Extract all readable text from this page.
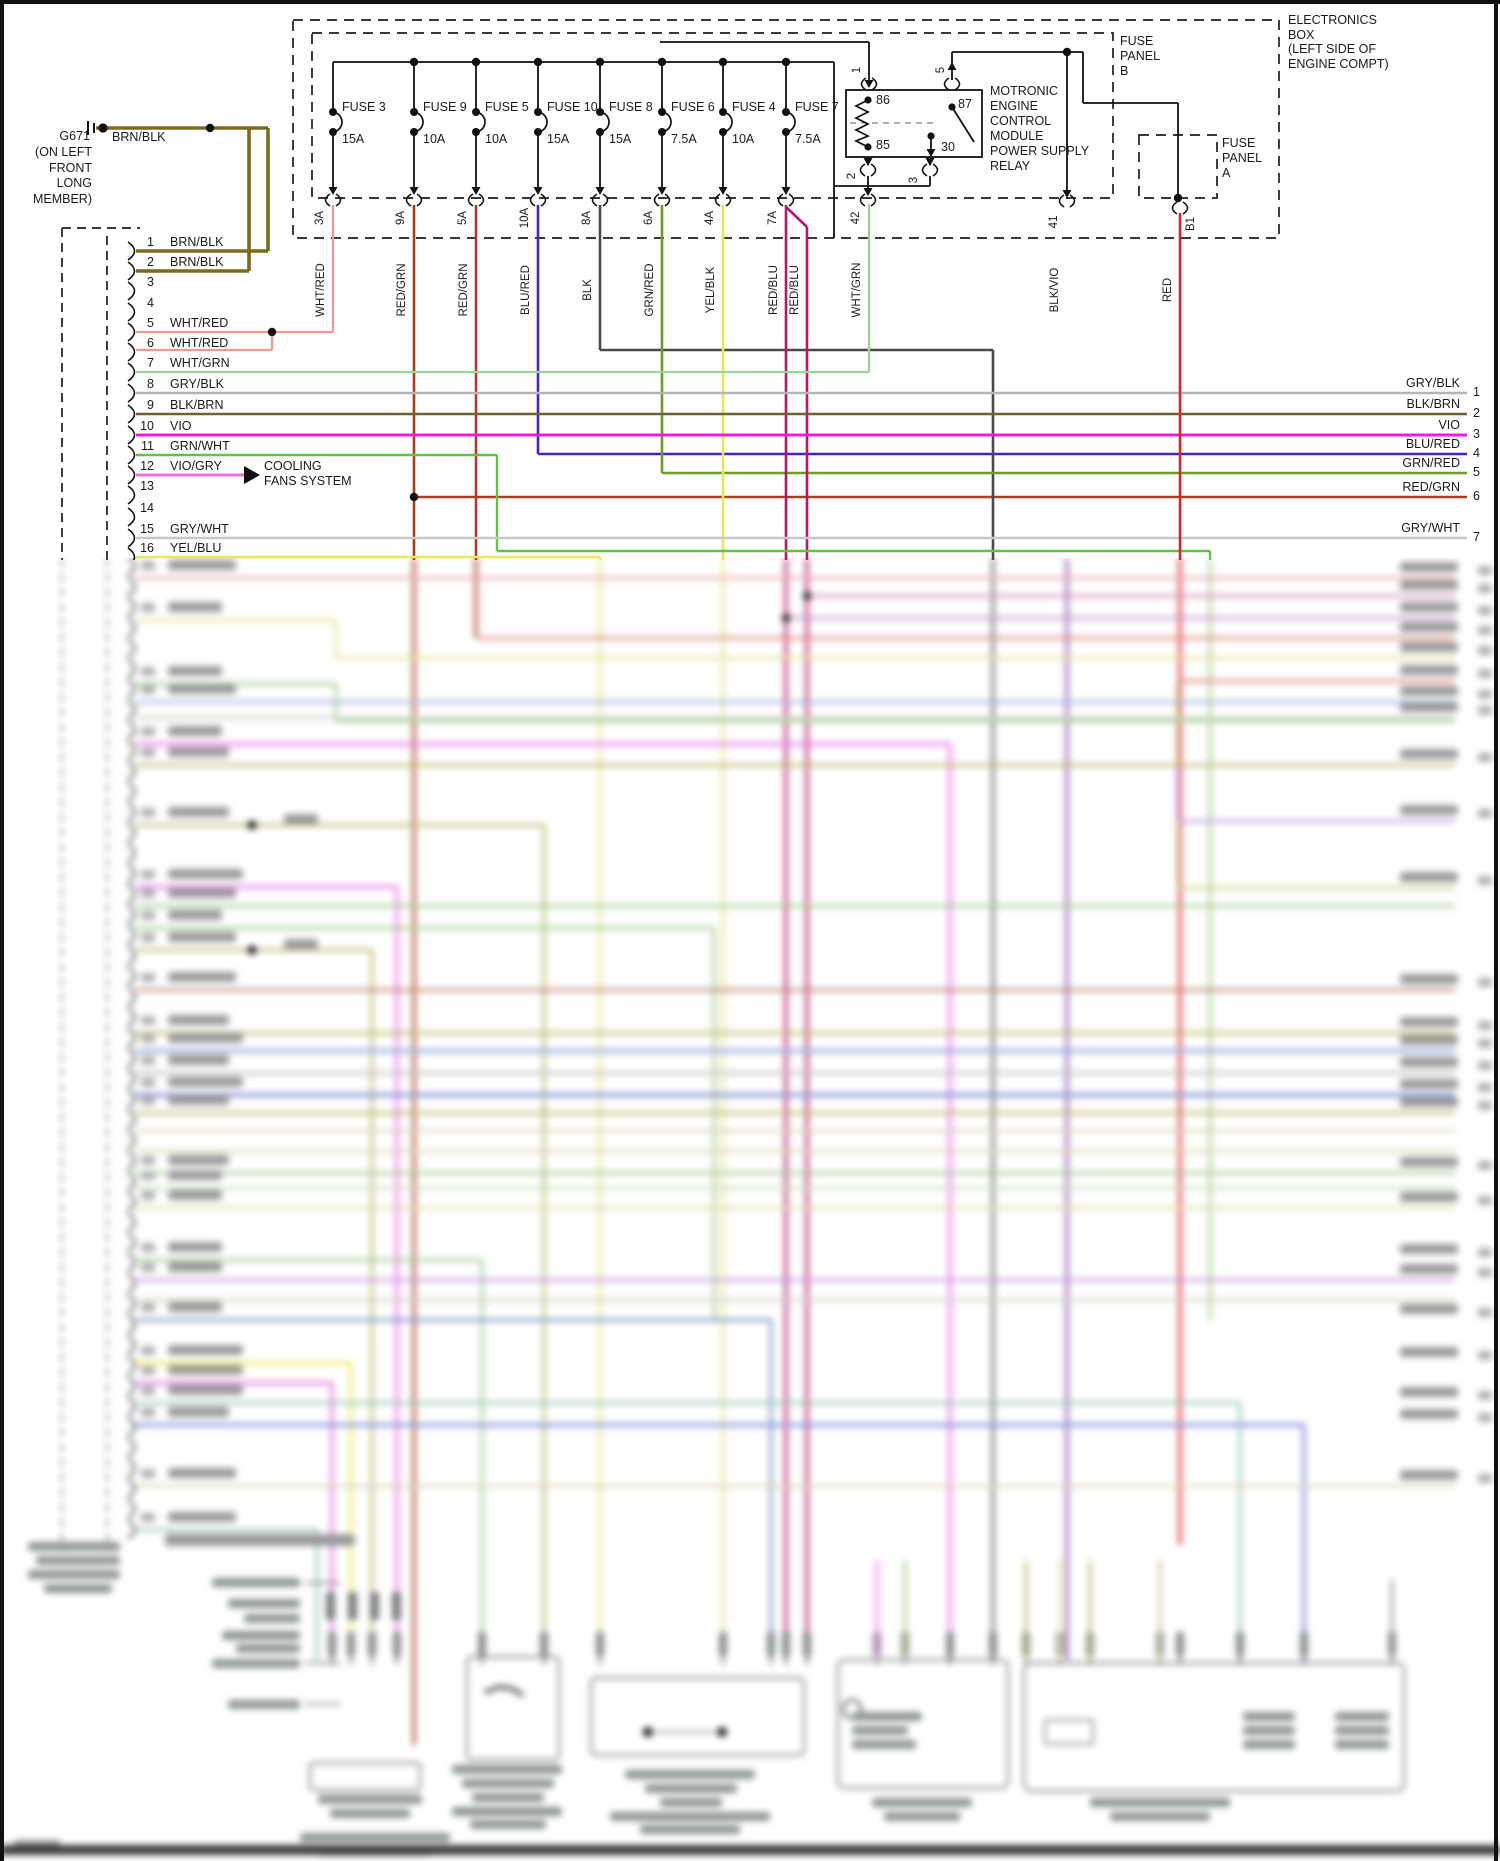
ELECTRONICS
BOX
(LEFT SIDE OF
ENGINE COMPT)
FUSE
PANEL
B
FUSE
PANEL
A
G671
(ON LEFT
FRONT
LONG
MEMBER)
BRN/BLK
FUSE 3
15A
FUSE 9
10A
FUSE 5
10A
FUSE 10
15A
FUSE 8
15A
FUSE 6
7.5A
FUSE 4
10A
FUSE 7
7.5A
3A	9A	5A	10A	8A	6A	4A	7A	42	41	B1
WHT/RED	RED/GRN	RED/GRN	BLU/RED	BLK	GRN/RED	YEL/BLK	RED/BLU RED/BLU	WHT/GRN	BLK/VIO	RED
1	5
2
3
86
85
87
30
MOTRONIC
ENGINE
CONTROL
MODULE
POWER SUPPLY
RELAY
1 BRN/BLK
2 BRN/BLK
3
4
5 WHT/RED
6 WHT/RED
7 WHT/GRN
8 GRY/BLK
9 BLK/BRN
10 VIO
11 GRN/WHT
12 VIO/GRY
13
14
15 GRY/WHT
16 YEL/BLU
COOLING
FANS SYSTEM
GRY/BLK
1
BLK/BRN
2
VIO
3
BLU/RED
4
GRN/RED
5
RED/GRN
6
GRY/WHT
7
